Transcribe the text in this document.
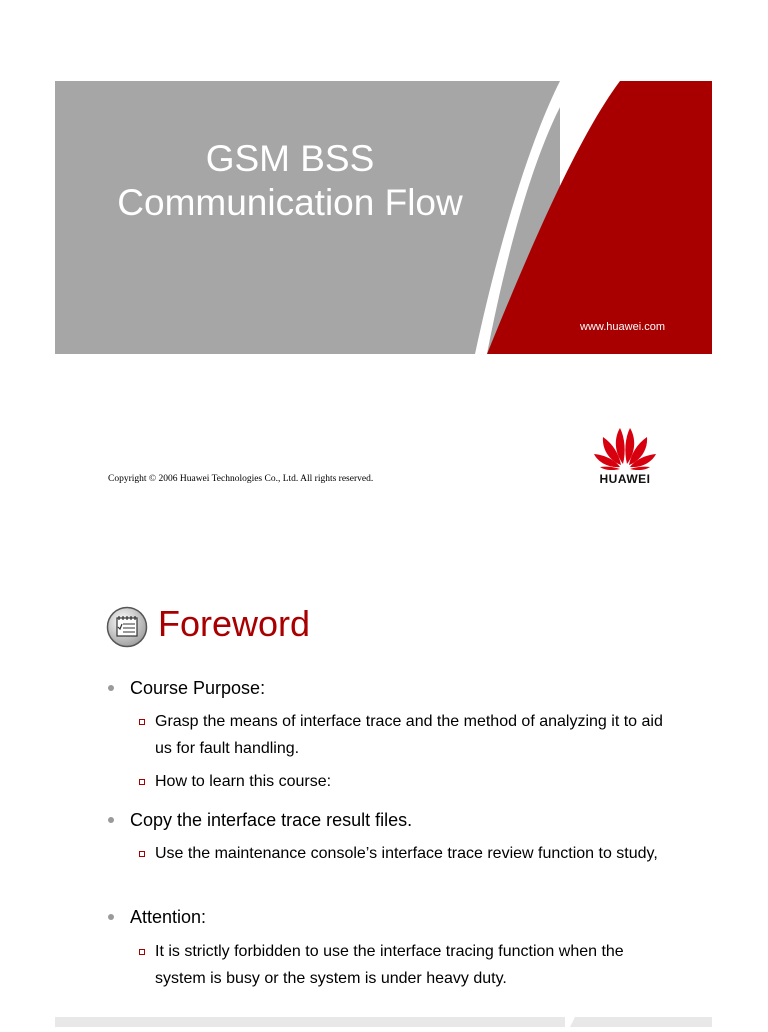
GSM BSS
Communication Flow
www.huawei.com
Copyright © 2006 Huawei Technologies Co., Ltd. All rights reserved.	HUAWEI
Foreword
Course Purpose:
Grasp the means of interface trace and the method of analyzing it to aid us for fault handling.
How to learn this course:
Copy the interface trace result files.
Use the maintenance console’s interface trace review function to study,
Attention:
It is strictly forbidden to use the interface tracing function when the system is busy or the system is under heavy duty.
